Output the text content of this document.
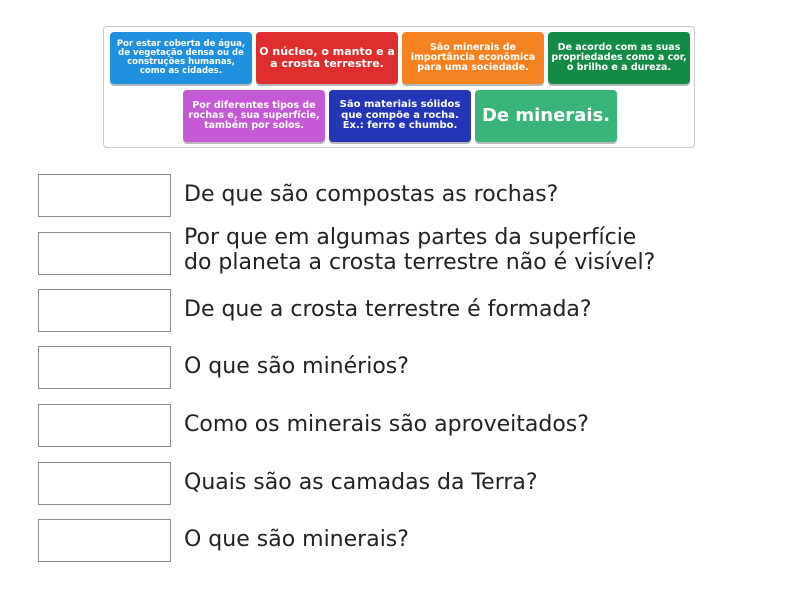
Por estar coberta de água, de vegetação densa ou de construções humanas, como as cidades.
O núcleo, o manto e a a crosta terrestre.
São minerais de importância econômica para uma sociedade.
De acordo com as suas propriedades como a cor, o brilho e a dureza.
Por diferentes tipos de rochas e, sua superfície, também por solos.
São materiais sólidos que compõe a rocha. Ex.: ferro e chumbo.
De minerais.
De que são compostas as rochas?
Por que em algumas partes da superfície
do planeta a crosta terrestre não é visível?
De que a crosta terrestre é formada?
O que são minérios?
Como os minerais são aproveitados?
Quais são as camadas da Terra?
O que são minerais?
